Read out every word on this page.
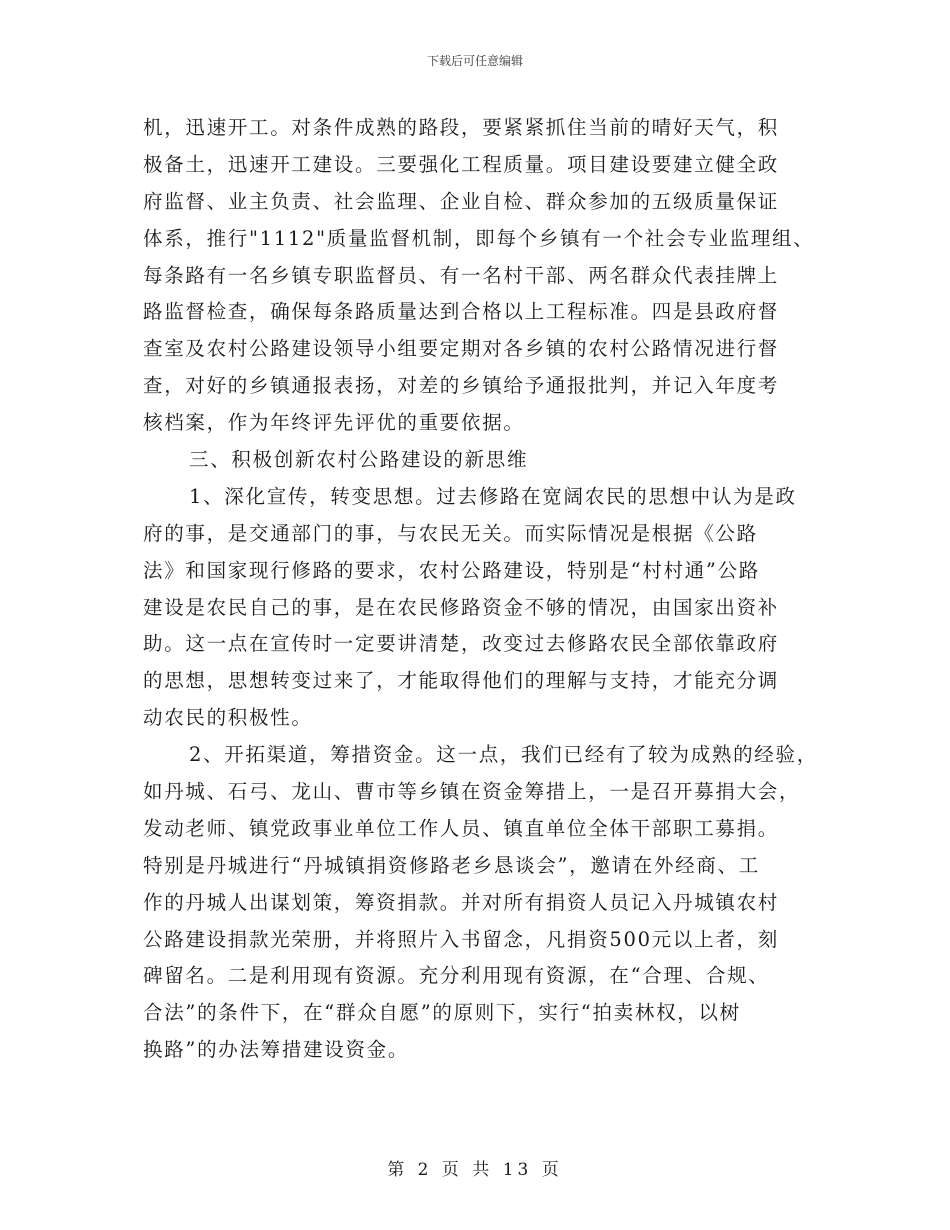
下载后可任意编辑
机，迅速开工。对条件成熟的路段，要紧紧抓住当前的晴好天气，积
极备土，迅速开工建设。三要强化工程质量。项目建设要建立健全政
府监督、业主负责、社会监理、企业自检、群众参加的五级质量保证
体系，推行"1112"质量监督机制，即每个乡镇有一个社会专业监理组、
每条路有一名乡镇专职监督员、有一名村干部、两名群众代表挂牌上
路监督检查，确保每条路质量达到合格以上工程标准。四是县政府督
查室及农村公路建设领导小组要定期对各乡镇的农村公路情况进行督
查，对好的乡镇通报表扬，对差的乡镇给予通报批判，并记入年度考
核档案，作为年终评先评优的重要依据。
三、积极创新农村公路建设的新思维
1、深化宣传，转变思想。过去修路在宽阔农民的思想中认为是政
府的事，是交通部门的事，与农民无关。而实际情况是根据《公路
法》和国家现行修路的要求，农村公路建设，特别是“村村通”公路
建设是农民自己的事，是在农民修路资金不够的情况，由国家出资补
助。这一点在宣传时一定要讲清楚，改变过去修路农民全部依靠政府
的思想，思想转变过来了，才能取得他们的理解与支持，才能充分调
动农民的积极性。
2、开拓渠道，筹措资金。这一点，我们已经有了较为成熟的经验，
如丹城、石弓、龙山、曹市等乡镇在资金筹措上，一是召开募捐大会，
发动老师、镇党政事业单位工作人员、镇直单位全体干部职工募捐。
特别是丹城进行“丹城镇捐资修路老乡恳谈会”，邀请在外经商、工
作的丹城人出谋划策，筹资捐款。并对所有捐资人员记入丹城镇农村
公路建设捐款光荣册，并将照片入书留念，凡捐资500元以上者，刻
碑留名。二是利用现有资源。充分利用现有资源，在“合理、合规、
合法”的条件下，在“群众自愿”的原则下，实行“拍卖林权，以树
换路”的办法筹措建设资金。
第 2 页 共 13 页
